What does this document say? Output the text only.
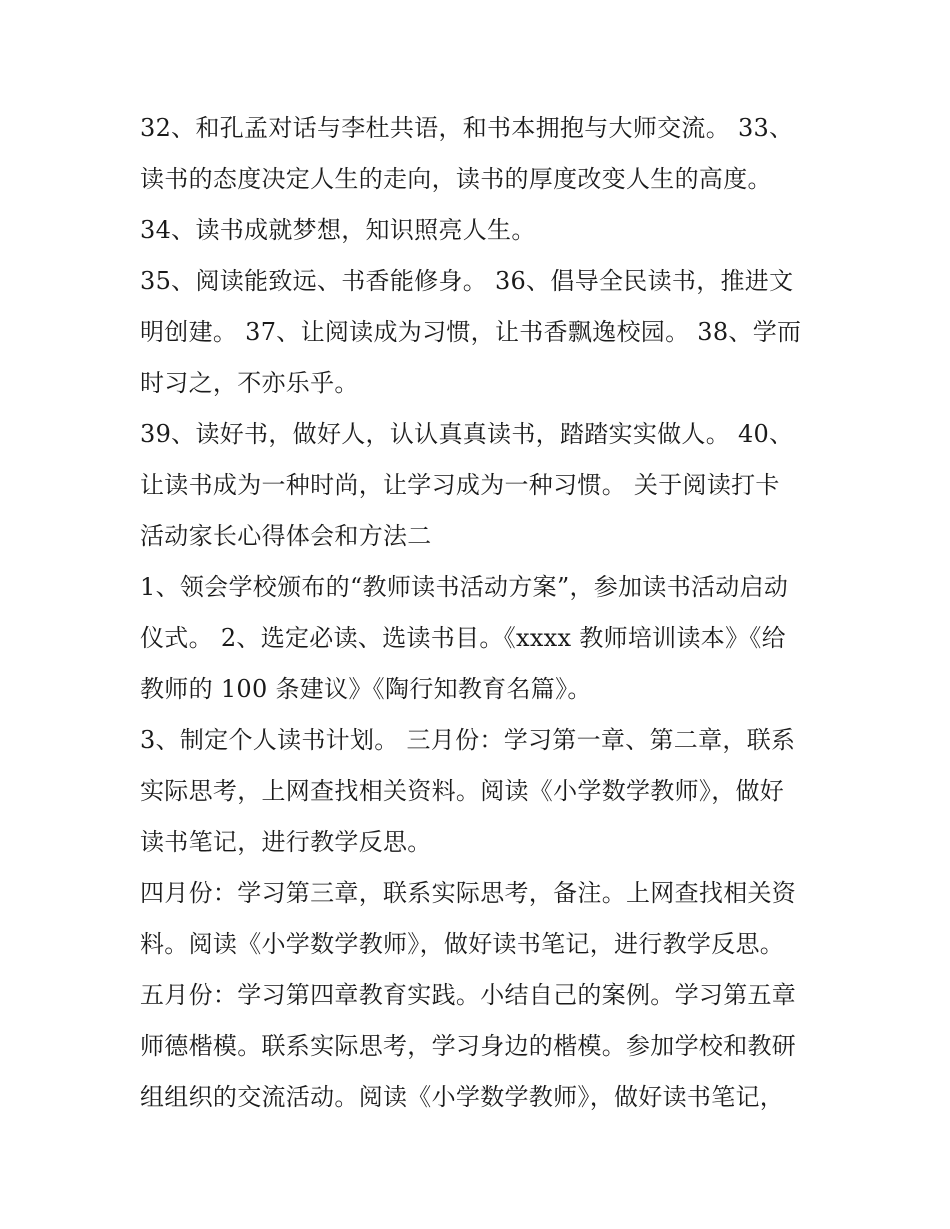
32、和孔孟对话与李杜共语，和书本拥抱与大师交流。 33、
读书的态度决定人生的走向，读书的厚度改变人生的高度。
34、读书成就梦想，知识照亮人生。
35、阅读能致远、书香能修身。 36、倡导全民读书，推进文
明创建。 37、让阅读成为习惯，让书香飘逸校园。 38、学而
时习之，不亦乐乎。
39、读好书，做好人，认认真真读书，踏踏实实做人。 40、
让读书成为一种时尚，让学习成为一种习惯。 关于阅读打卡
活动家长心得体会和方法二
1、领会学校颁布的“教师读书活动方案”，参加读书活动启动
仪式。 2、选定必读、选读书目。《xxxx 教师培训读本》《给
教师的 100 条建议》《陶行知教育名篇》。
3、制定个人读书计划。 三月份：学习第一章、第二章，联系
实际思考，上网查找相关资料。阅读《小学数学教师》，做好
读书笔记，进行教学反思。
四月份：学习第三章，联系实际思考，备注。上网查找相关资
料。阅读《小学数学教师》，做好读书笔记，进行教学反思。
五月份：学习第四章教育实践。小结自己的案例。学习第五章
师德楷模。联系实际思考，学习身边的楷模。参加学校和教研
组组织的交流活动。阅读《小学数学教师》，做好读书笔记，
